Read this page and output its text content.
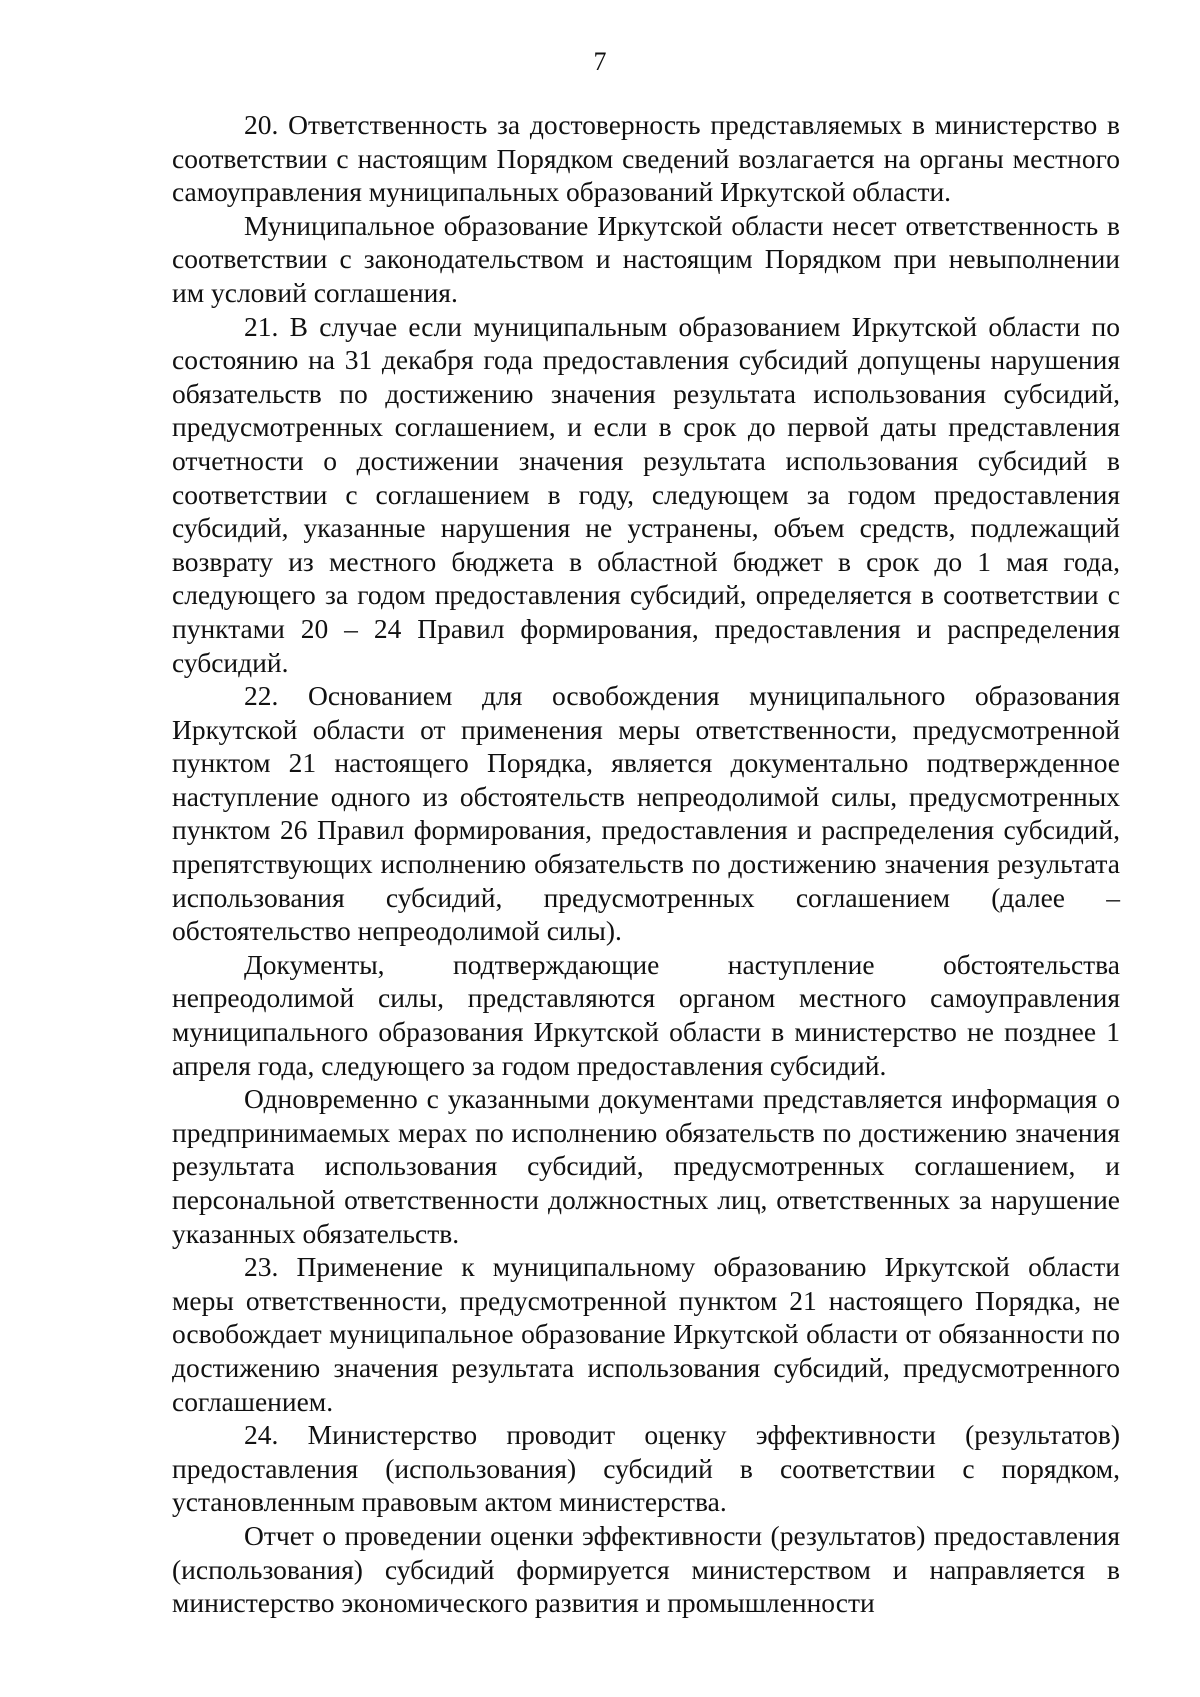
7

20. Ответственность за достоверность представляемых в министерство в соответствии с настоящим Порядком сведений возлагается на органы местного самоуправления муниципальных образований Иркутской области.

Муниципальное образование Иркутской области несет ответственность в соответствии с законодательством и настоящим Порядком при невыполнении им условий соглашения.

21. В случае если муниципальным образованием Иркутской области по состоянию на 31 декабря года предоставления субсидий допущены нарушения обязательств по достижению значения результата использования субсидий, предусмотренных соглашением, и если в срок до первой даты представления отчетности о достижении значения результата использования субсидий в соответствии с соглашением в году, следующем за годом предоставления субсидий, указанные нарушения не устранены, объем средств, подлежащий возврату из местного бюджета в областной бюджет в срок до 1 мая года, следующего за годом предоставления субсидий, определяется в соответствии с пунктами 20 – 24 Правил формирования, предоставления и распределения субсидий.

22. Основанием для освобождения муниципального образования Иркутской области от применения меры ответственности, предусмотренной пунктом 21 настоящего Порядка, является документально подтвержденное наступление одного из обстоятельств непреодолимой силы, предусмотренных пунктом 26 Правил формирования, предоставления и распределения субсидий, препятствующих исполнению обязательств по достижению значения результата использования субсидий, предусмотренных соглашением (далее – обстоятельство непреодолимой силы).

Документы, подтверждающие наступление обстоятельства непреодолимой силы, представляются органом местного самоуправления муниципального образования Иркутской области в министерство не позднее 1 апреля года, следующего за годом предоставления субсидий.

Одновременно с указанными документами представляется информация о предпринимаемых мерах по исполнению обязательств по достижению значения результата использования субсидий, предусмотренных соглашением, и персональной ответственности должностных лиц, ответственных за нарушение указанных обязательств.

23. Применение к муниципальному образованию Иркутской области меры ответственности, предусмотренной пунктом 21 настоящего Порядка, не освобождает муниципальное образование Иркутской области от обязанности по достижению значения результата использования субсидий, предусмотренного соглашением.

24. Министерство проводит оценку эффективности (результатов) предоставления (использования) субсидий в соответствии с порядком, установленным правовым актом министерства.

Отчет о проведении оценки эффективности (результатов) предоставления (использования) субсидий формируется министерством и направляется в министерство экономического развития и промышленности
